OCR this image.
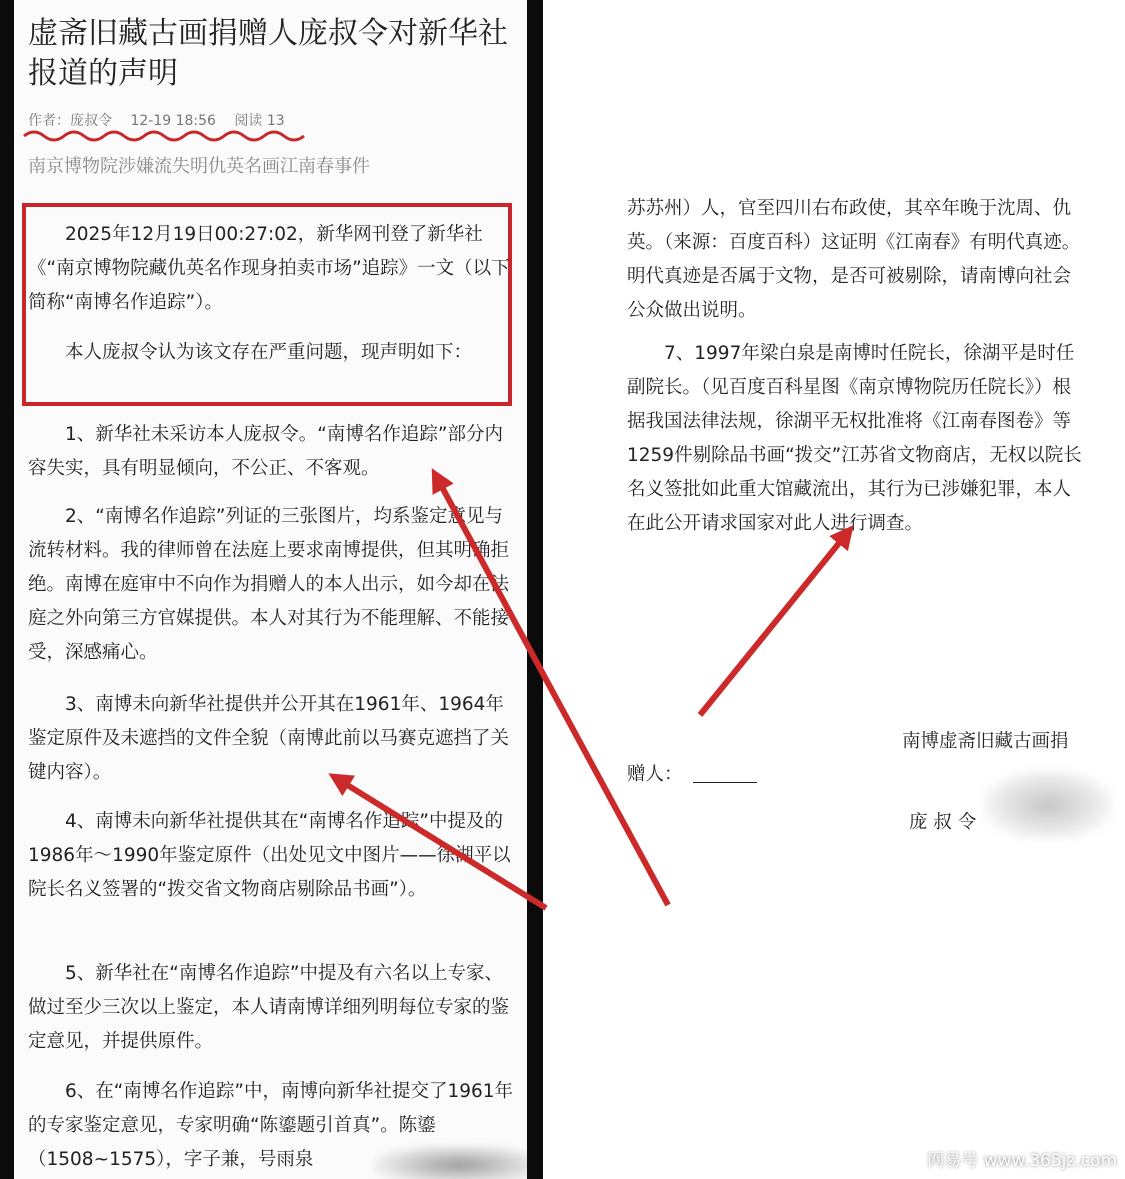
虚斋旧藏古画捐赠人庞叔令对新华社报道的声明
作者：庞叔令 12-19 18:56 阅读 13
南京博物院涉嫌流失明仇英名画江南春事件

2025年12月19日00:27:02，新华网刊登了新华社《“南京博物院藏仇英名作现身拍卖市场”追踪》一文（以下简称“南博名作追踪”）。

本人庞叔令认为该文存在严重问题，现声明如下：

1、新华社未采访本人庞叔令。“南博名作追踪”部分内容失实，具有明显倾向，不公正、不客观。

2、“南博名作追踪”列证的三张图片，均系鉴定意见与流转材料。我的律师曾在法庭上要求南博提供，但其明确拒绝。南博在庭审中不向作为捐赠人的本人出示，如今却在法庭之外向第三方官媒提供。本人对其行为不能理解、不能接受，深感痛心。

3、南博未向新华社提供并公开其在1961年、1964年鉴定原件及未遮挡的文件全貌（南博此前以马赛克遮挡了关键内容）。

4、南博未向新华社提供其在“南博名作追踪”中提及的1986年～1990年鉴定原件（出处见文中图片——徐湖平以院长名义签署的“拨交省文物商店剔除品书画”）。

5、新华社在“南博名作追踪”中提及有六名以上专家、做过至少三次以上鉴定，本人请南博详细列明每位专家的鉴定意见，并提供原件。

6、在“南博名作追踪”中，南博向新华社提交了1961年的专家鉴定意见，专家明确“陈鎏题引首真”。陈鎏（1508~1575），字子兼，号雨泉

苏苏州）人，官至四川右布政使，其卒年晚于沈周、仇英。（来源：百度百科）这证明《江南春》有明代真迹。明代真迹是否属于文物，是否可被剔除，请南博向社会公众做出说明。

7、1997年梁白泉是南博时任院长，徐湖平是时任副院长。（见百度百科星图《南京博物院历任院长》）根据我国法律法规，徐湖平无权批准将《江南春图卷》等1259件剔除品书画“拨交”江苏省文物商店，无权以院长名义签批如此重大馆藏流出，其行为已涉嫌犯罪，本人在此公开请求国家对此人进行调查。

南博虚斋旧藏古画捐
赠人：
庞 叔 令
网易号 www.365jz.com
